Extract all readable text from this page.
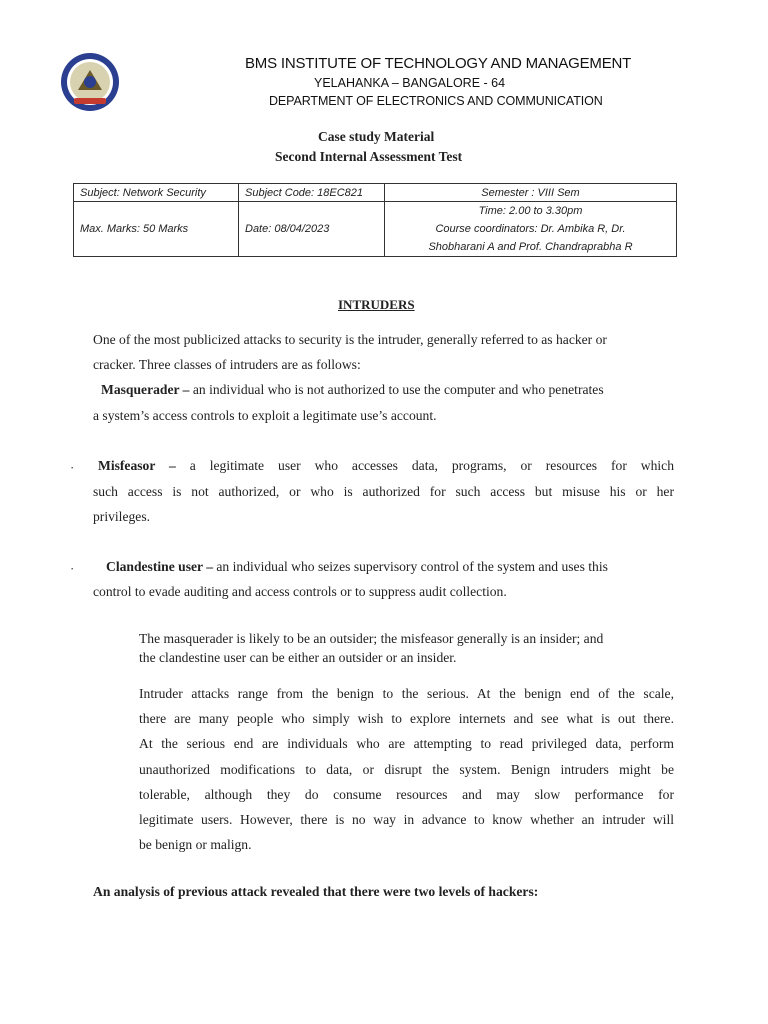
BMS INSTITUTE OF TECHNOLOGY AND MANAGEMENT
YELAHANKA – BANGALORE - 64
DEPARTMENT OF ELECTRONICS AND COMMUNICATION
Case study Material
Second Internal Assessment Test
Subject: Network Security	Subject Code: 18EC821	Semester : VIII Sem
Max. Marks: 50 Marks	Date: 08/04/2023	Time: 2.00 to 3.30pm
Course coordinators: Dr. Ambika R, Dr.
Shobharani A and Prof. Chandraprabha R
INTRUDERS
One of the most publicized attacks to security is the intruder, generally referred to as hacker or
cracker. Three classes of intruders are as follows:
Masquerader – an individual who is not authorized to use the computer and who penetrates
a system’s access controls to exploit a legitimate use’s account.
· Misfeasor – a legitimate user who accesses data, programs, or resources for which
such access is not authorized, or who is authorized for such access but misuse his or her
privileges.
· Clandestine user – an individual who seizes supervisory control of the system and uses this
control to evade auditing and access controls or to suppress audit collection.
The masquerader is likely to be an outsider; the misfeasor generally is an insider; and
the clandestine user can be either an outsider or an insider.
Intruder attacks range from the benign to the serious. At the benign end of the scale,
there are many people who simply wish to explore internets and see what is out there.
At the serious end are individuals who are attempting to read privileged data, perform
unauthorized modifications to data, or disrupt the system. Benign intruders might be
tolerable, although they do consume resources and may slow performance for
legitimate users. However, there is no way in advance to know whether an intruder will
be benign or malign.
An analysis of previous attack revealed that there were two levels of hackers:
